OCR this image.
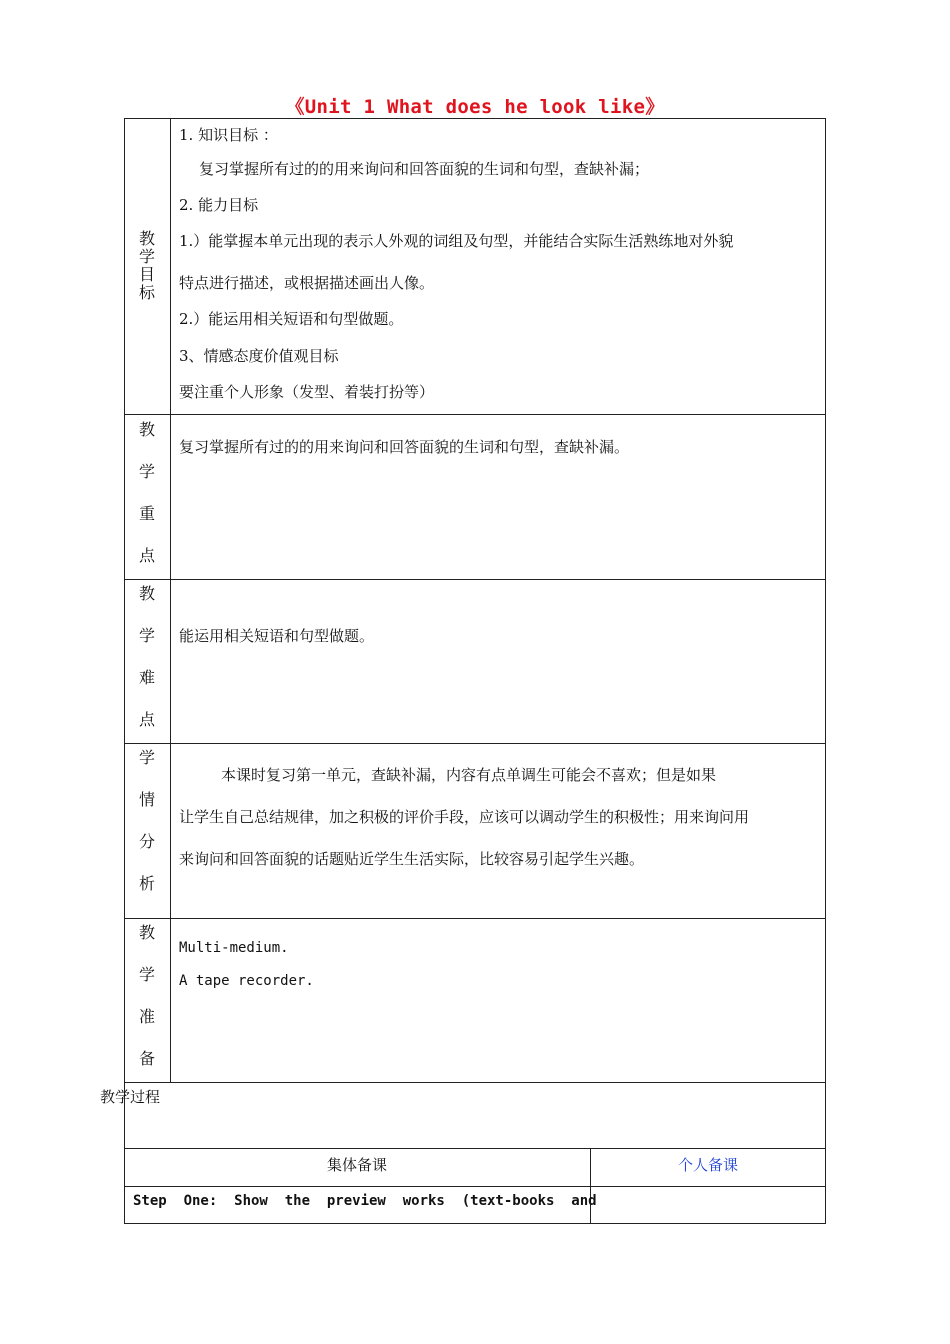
《Unit 1 What does he look like》
教学目标
1. 知识目标 ：
复习掌握所有过的的用来询问和回答面貌的生词和句型，查缺补漏；
2. 能力目标
1.）能掌握本单元出现的表示人外观的词组及句型，并能结合实际生活熟练地对外貌
特点进行描述，或根据描述画出人像。
2.）能运用相关短语和句型做题。
3、情感态度价值观目标
要注重个人形象（发型、着装打扮等）
教
学
重
点
复习掌握所有过的的用来询问和回答面貌的生词和句型，查缺补漏。
教
学
难
点
能运用相关短语和句型做题。
学
情
分
析
本课时复习第一单元，查缺补漏，内容有点单调生可能会不喜欢；但是如果
让学生自己总结规律，加之积极的评价手段，应该可以调动学生的积极性；用来询问用
来询问和回答面貌的话题贴近学生生活实际，比较容易引起学生兴趣。
教
学
准
备
Multi-medium.
A tape recorder.
教学过程
集体备课	个人备课
Step  One:  Show  the  preview  works  (text-books  and
